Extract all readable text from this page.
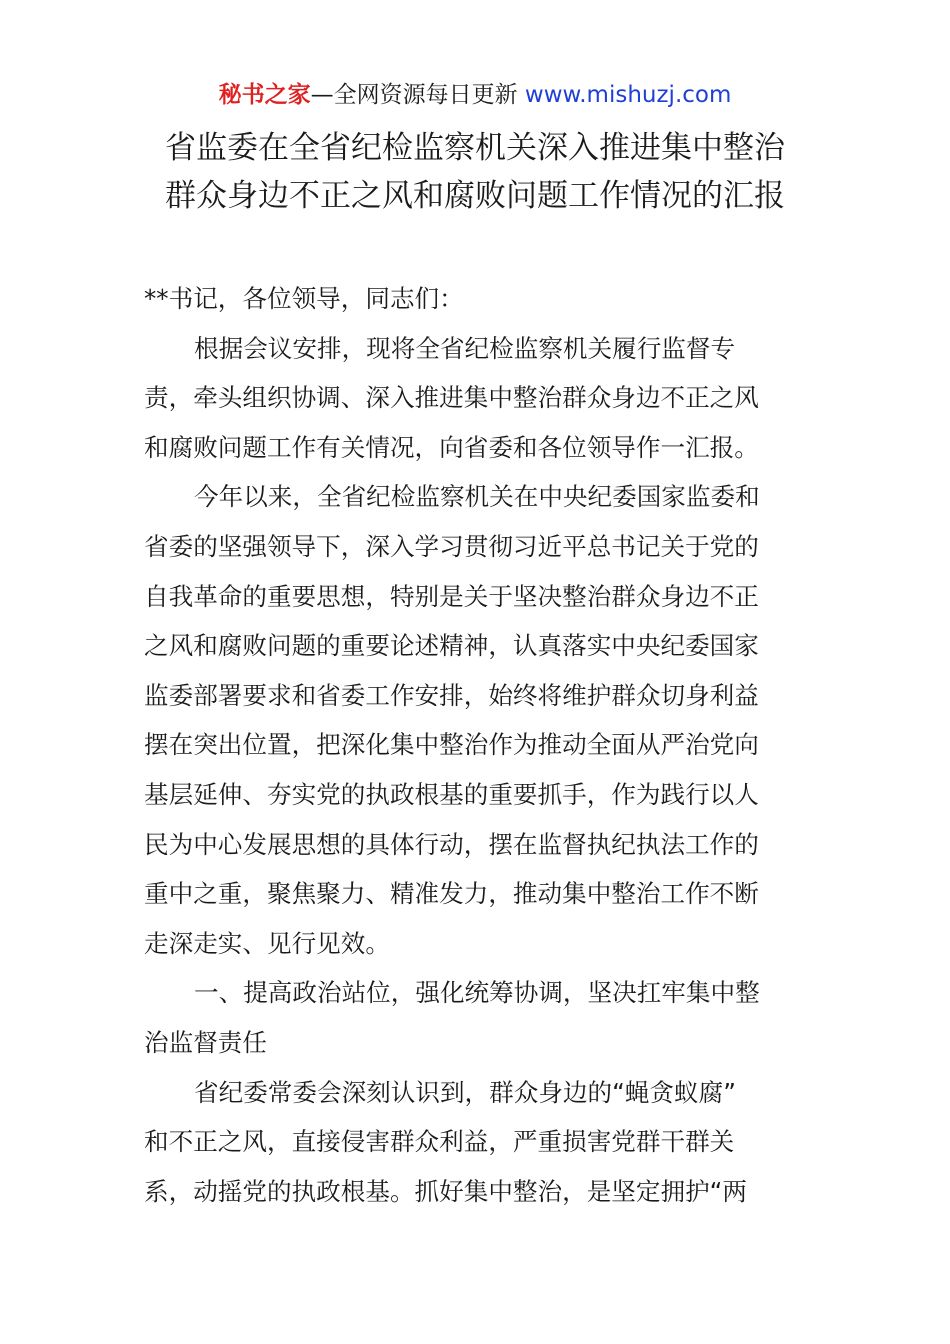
秘书之家—全网资源每日更新 www.mishuzj.com
省监委在全省纪检监察机关深入推进集中整治
群众身边不正之风和腐败问题工作情况的汇报
**书记，各位领导，同志们：
根据会议安排，现将全省纪检监察机关履行监督专
责，牵头组织协调、深入推进集中整治群众身边不正之风
和腐败问题工作有关情况，向省委和各位领导作一汇报。
今年以来，全省纪检监察机关在中央纪委国家监委和
省委的坚强领导下，深入学习贯彻习近平总书记关于党的
自我革命的重要思想，特别是关于坚决整治群众身边不正
之风和腐败问题的重要论述精神，认真落实中央纪委国家
监委部署要求和省委工作安排，始终将维护群众切身利益
摆在突出位置，把深化集中整治作为推动全面从严治党向
基层延伸、夯实党的执政根基的重要抓手，作为践行以人
民为中心发展思想的具体行动，摆在监督执纪执法工作的
重中之重，聚焦聚力、精准发力，推动集中整治工作不断
走深走实、见行见效。
一、提高政治站位，强化统筹协调，坚决扛牢集中整
治监督责任
省纪委常委会深刻认识到，群众身边的“蝇贪蚁腐”
和不正之风，直接侵害群众利益，严重损害党群干群关
系，动摇党的执政根基。抓好集中整治，是坚定拥护“两
